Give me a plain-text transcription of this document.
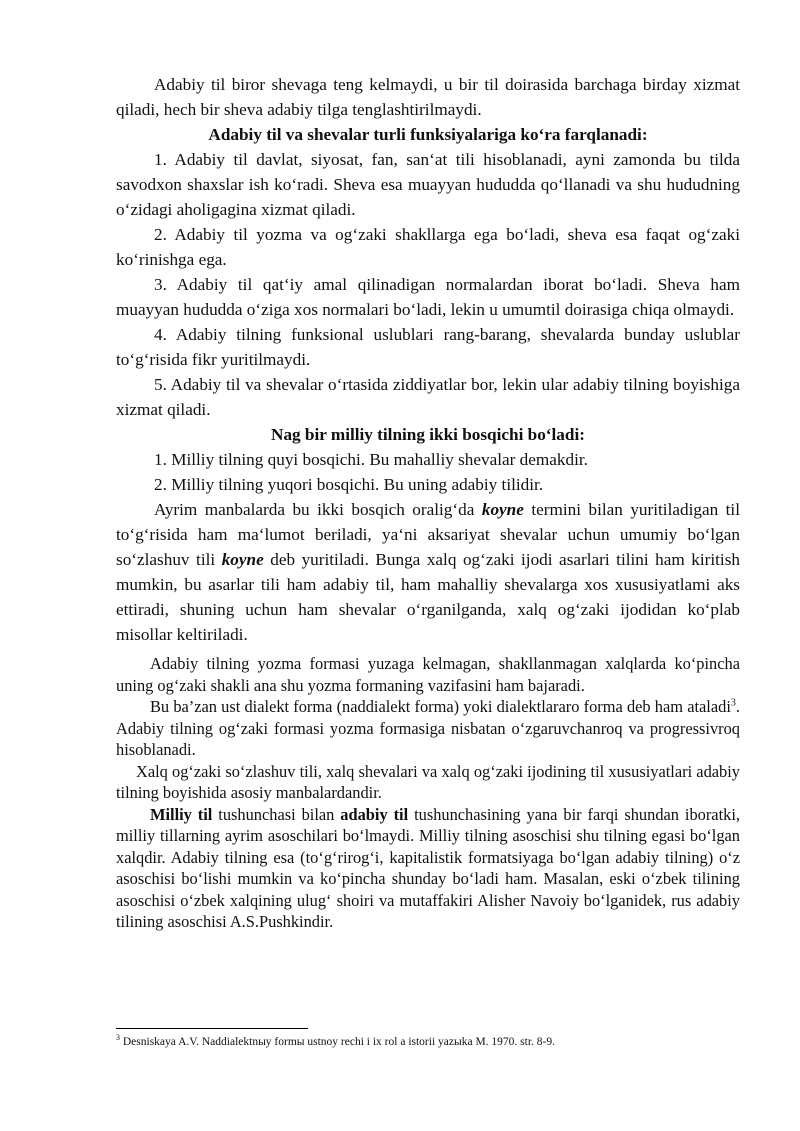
Adabiy til biror shevaga teng kelmaydi, u bir til doirasida barchaga birday xizmat qiladi, hech bir sheva adabiy tilga tenglashtirilmaydi.

Adabiy til va shevalar turli funksiyalariga ko‘ra farqlanadi:

1. Adabiy til davlat, siyosat, fan, san‘at tili hisoblanadi, ayni zamonda bu tilda savodxon shaxslar ish ko‘radi. Sheva esa muayyan hududda qo‘llanadi va shu hududning o‘zidagi aholigagina xizmat qiladi.

2. Adabiy til yozma va og‘zaki shakllarga ega bo‘ladi, sheva esa faqat og‘zaki ko‘rinishga ega.

3. Adabiy til qat‘iy amal qilinadigan normalardan iborat bo‘ladi. Sheva ham muayyan hududda o‘ziga xos normalari bo‘ladi, lekin u umumtil doirasiga chiqa olmaydi.

4. Adabiy tilning funksional uslublari rang-barang, shevalarda bunday uslublar to‘g‘risida fikr yuritilmaydi.

5. Adabiy til va shevalar o‘rtasida ziddiyatlar bor, lekin ular adabiy tilning boyishiga xizmat qiladi.

Nag bir milliy tilning ikki bosqichi bo‘ladi:

1. Milliy tilning quyi bosqichi. Bu mahalliy shevalar demakdir.

2. Milliy tilning yuqori bosqichi. Bu uning adabiy tilidir.

Ayrim manbalarda bu ikki bosqich oralig‘da koyne termini bilan yuritiladigan til to‘g‘risida ham ma‘lumot beriladi, ya‘ni aksariyat shevalar uchun umumiy bo‘lgan so‘zlashuv tili koyne deb yuritiladi. Bunga xalq og‘zaki ijodi asarlari tilini ham kiritish mumkin, bu asarlar tili ham adabiy til, ham mahalliy shevalarga xos xususiyatlami aks ettiradi, shuning uchun ham shevalar o‘rganilganda, xalq og‘zaki ijodidan ko‘plab misollar keltiriladi.

Adabiy tilning yozma formasi yuzaga kelmagan, shakllanmagan xalqlarda ko‘pincha uning og‘zaki shakli ana shu yozma formaning vazifasini ham bajaradi.

Bu ba’zan ust dialekt forma (naddialekt forma) yoki dialektlararo forma deb ham ataladi$^3$. Adabiy tilning og‘zaki formasi yozma formasiga nisbatan o‘zgaruvchanroq va progressivroq hisoblanadi.

Xalq og‘zaki so‘zlashuv tili, xalq shevalari va xalq og‘zaki ijodining til xususiyatlari adabiy tilning boyishida asosiy manbalardandir.

Milliy til tushunchasi bilan adabiy til tushunchasining yana bir farqi shundan iboratki, milliy tillarning ayrim asoschilari bo‘lmaydi. Milliy tilning asoschisi shu tilning egasi bo‘lgan xalqdir. Adabiy tilning esa (to‘g‘rirog‘i, kapitalistik formatsiyaga bo‘lgan adabiy tilning) o‘z asoschisi bo‘lishi mumkin va ko‘pincha shunday bo‘ladi ham. Masalan, eski o‘zbek tilining asoschisi o‘zbek xalqining ulug‘ shoiri va mutaffakiri Alisher Navoiy bo‘lganidek, rus adabiy tilining asoschisi A.S.Pushkindir.

$^3$ Desniskaya A.V. Naddialektnыy formы ustnoy rechi i ix rol a istorii yazыka M. 1970. str. 8-9.
